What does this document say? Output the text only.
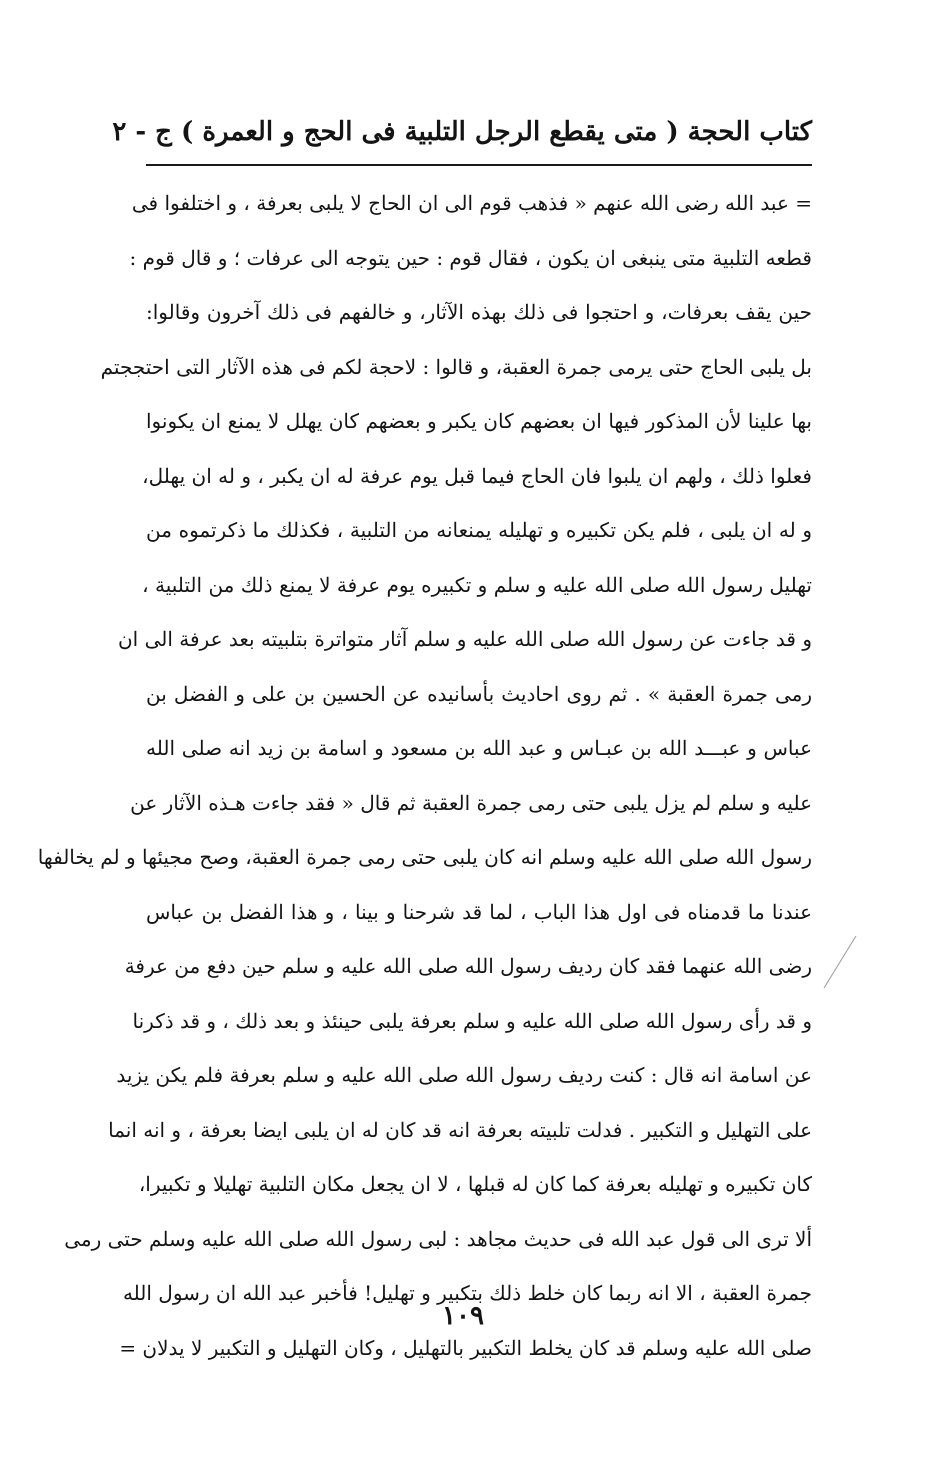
كتاب الحجة ( متى يقطع الرجل التلبية فى الحج و العمرة ) ج - ٢
= عبد الله رضى الله عنهم « فذهب قوم الى ان الحاج لا يلبى بعرفة ، و اختلفوا فى
قطعه التلبية متى ينبغى ان يكون ، فقال قوم : حين يتوجه الى عرفات ؛ و قال قوم :
حين يقف بعرفات، و احتجوا فى ذلك بهذه الآثار، و خالفهم فى ذلك آخرون وقالوا:
بل يلبى الحاج حتى يرمى جمرة العقبة، و قالوا : لاحجة لكم فى هذه الآثار التى احتججتم
بها علينا لأن المذكور فيها ان بعضهم كان يكبر و بعضهم كان يهلل لا يمنع ان يكونوا
فعلوا ذلك ، ولهم ان يلبوا فان الحاج فيما قبل يوم عرفة له ان يكبر ، و له ان يهلل،
و له ان يلبى ، فلم يكن تكبيره و تهليله يمنعانه من التلبية ، فكذلك ما ذكرتموه من
تهليل رسول الله صلى الله عليه و سلم و تكبيره يوم عرفة لا يمنع ذلك من التلبية ،
و قد جاءت عن رسول الله صلى الله عليه و سلم آثار متواترة بتلبيته بعد عرفة الى ان
رمى جمرة العقبة » . ثم روى احاديث بأسانيده عن الحسين بن على و الفضل بن
عباس و عبـــد الله بن عبـاس و عبد الله بن مسعود و اسامة بن زيد انه صلى الله
عليه و سلم لم يزل يلبى حتى رمى جمرة العقبة ثم قال « فقد جاءت هـذه الآثار عن
رسول الله صلى الله عليه وسلم انه كان يلبى حتى رمى جمرة العقبة، وصح مجيئها و لم يخالفها
عندنا ما قدمناه فى اول هذا الباب ، لما قد شرحنا و بينا ، و هذا الفضل بن عباس
رضى الله عنهما فقد كان رديف رسول الله صلى الله عليه و سلم حين دفع من عرفة
و قد رأى رسول الله صلى الله عليه و سلم بعرفة يلبى حينئذ و بعد ذلك ، و قد ذكرنا
عن اسامة انه قال : كنت رديف رسول الله صلى الله عليه و سلم بعرفة فلم يكن يزيد
على التهليل و التكبير . فدلت تلبيته بعرفة انه قد كان له ان يلبى ايضا بعرفة ، و انه انما
كان تكبيره و تهليله بعرفة كما كان له قبلها ، لا ان يجعل مكان التلبية تهليلا و تكبيرا،
ألا ترى الى قول عبد الله فى حديث مجاهد : لبى رسول الله صلى الله عليه وسلم حتى رمى
جمرة العقبة ، الا انه ربما كان خلط ذلك بتكبير و تهليل! فأخبر عبد الله ان رسول الله
صلى الله عليه وسلم قد كان يخلط التكبير بالتهليل ، وكان التهليل و التكبير لا يدلان =
١٠٩
